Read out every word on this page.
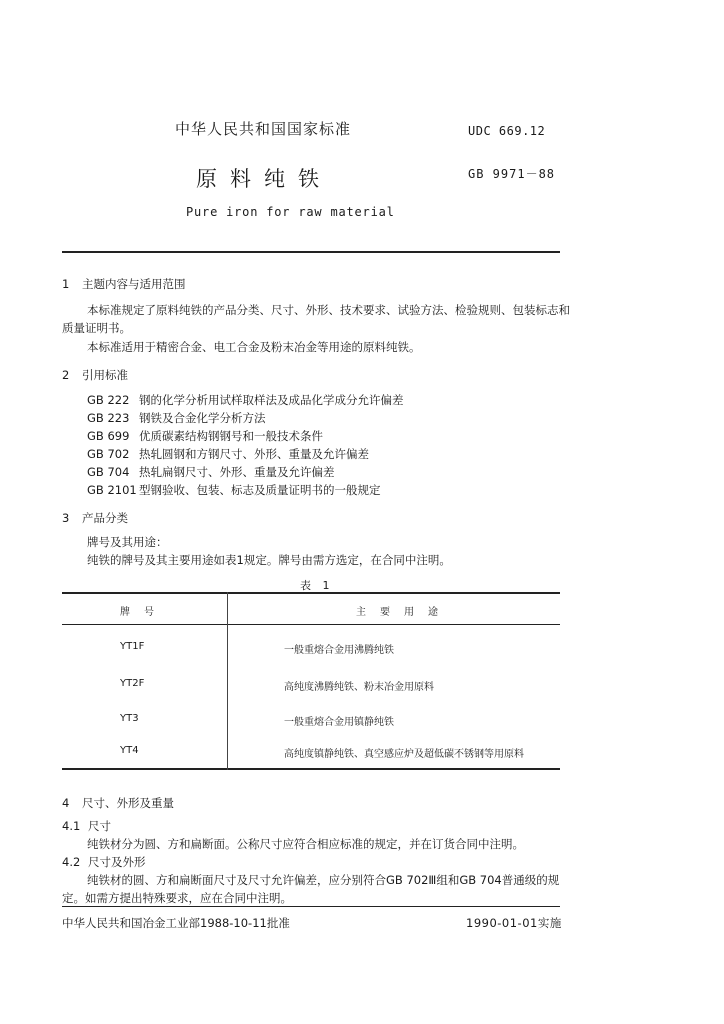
中华人民共和国国家标准	UDC 669.12
原料纯铁	GB 9971－88
Pure iron for raw material
1 主题内容与适用范围
本标准规定了原料纯铁的产品分类、尺寸、外形、技术要求、试验方法、检验规则、包装标志和
质量证明书。
本标准适用于精密合金、电工合金及粉末冶金等用途的原料纯铁。
2 引用标准
GB 222 钢的化学分析用试样取样法及成品化学成分允许偏差
GB 223 钢铁及合金化学分析方法
GB 699 优质碳素结构钢钢号和一般技术条件
GB 702 热轧圆钢和方钢尺寸、外形、重量及允许偏差
GB 704 热轧扁钢尺寸、外形、重量及允许偏差
GB 2101 型钢验收、包装、标志及质量证明书的一般规定
3 产品分类
牌号及其用途：
纯铁的牌号及其主要用途如表1规定。牌号由需方选定，在合同中注明。
表 1
牌　号	主　要　用　途
YT1F	一般重熔合金用沸腾纯铁
YT2F	高纯度沸腾纯铁、粉末冶金用原料
YT3	一般重熔合金用镇静纯铁
YT4	高纯度镇静纯铁、真空感应炉及超低碳不锈钢等用原料
4 尺寸、外形及重量
4.1 尺寸
纯铁材分为圆、方和扁断面。公称尺寸应符合相应标准的规定，并在订货合同中注明。
4.2 尺寸及外形
纯铁材的圆、方和扁断面尺寸及尺寸允许偏差，应分别符合GB 702Ⅲ组和GB 704普通级的规
定。如需方提出特殊要求，应在合同中注明。
中华人民共和国冶金工业部1988-10-11批准	1990-01-01实施
